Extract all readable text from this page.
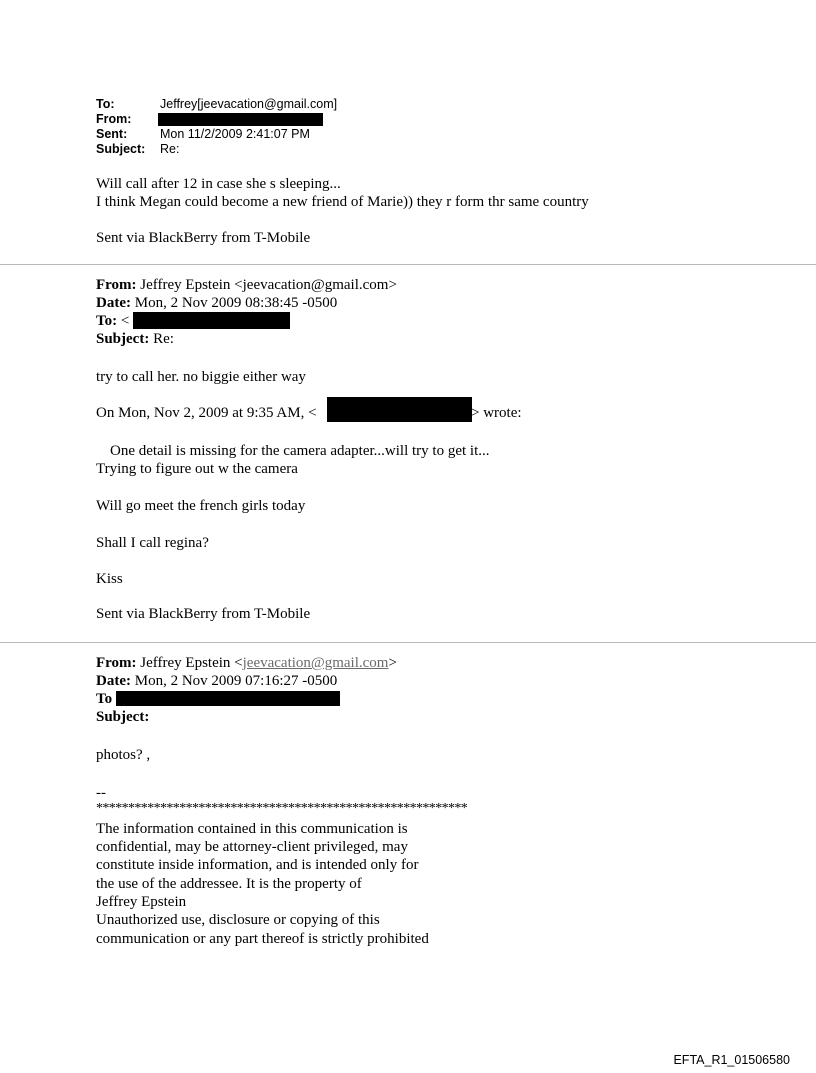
To:	Jeffrey[jeevacation@gmail.com]
From:
Sent:	Mon 11/2/2009 2:41:07 PM
Subject: Re:
Will call after 12 in case she s sleeping...
I think Megan could become a new friend of Marie)) they r form thr same country
Sent via BlackBerry from T-Mobile
From: Jeffrey Epstein <jeevacation@gmail.com>
Date: Mon, 2 Nov 2009 08:38:45 -0500
To: <
Subject: Re:
try to call her. no biggie either way
On Mon, Nov 2, 2009 at 9:35 AM, <	> wrote:
One detail is missing for the camera adapter...will try to get it...
Trying to figure out w the camera
Will go meet the french girls today
Shall I call regina?
Kiss
Sent via BlackBerry from T-Mobile
From: Jeffrey Epstein <jeevacation@gmail.com>
Date: Mon, 2 Nov 2009 07:16:27 -0500
To
Subject:
photos? ,
--
**********************************************************
The information contained in this communication is
confidential, may be attorney-client privileged, may
constitute inside information, and is intended only for
the use of the addressee. It is the property of
Jeffrey Epstein
Unauthorized use, disclosure or copying of this
communication or any part thereof is strictly prohibited
EFTA_R1_01506580
